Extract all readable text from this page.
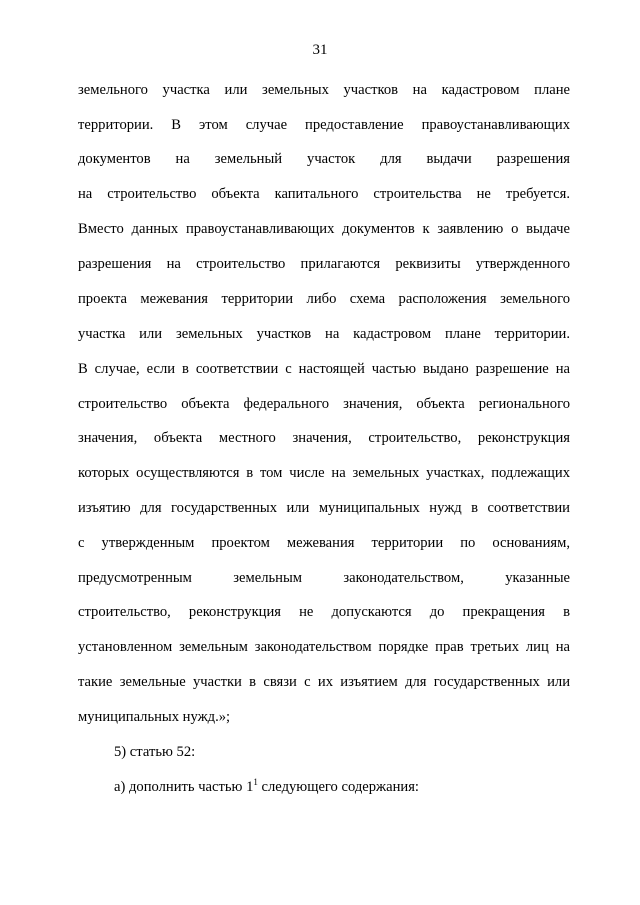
31
земельного участка или земельных участков на кадастровом плане
территории. В этом случае предоставление правоустанавливающих
документов на земельный участок для выдачи разрешения
на строительство объекта капитального строительства не требуется.
Вместо данных правоустанавливающих документов к заявлению о выдаче
разрешения на строительство прилагаются реквизиты утвержденного
проекта межевания территории либо схема расположения земельного
участка или земельных участков на кадастровом плане территории.
В случае, если в соответствии с настоящей частью выдано разрешение на
строительство объекта федерального значения, объекта регионального
значения, объекта местного значения, строительство, реконструкция
которых осуществляются в том числе на земельных участках, подлежащих
изъятию для государственных или муниципальных нужд в соответствии
с утвержденным проектом межевания территории по основаниям,
предусмотренным земельным законодательством, указанные
строительство, реконструкция не допускаются до прекращения в
установленном земельным законодательством порядке прав третьих лиц на
такие земельные участки в связи с их изъятием для государственных или
муниципальных нужд.»;
5) статью 52:
а) дополнить частью $1^1$ следующего содержания:
